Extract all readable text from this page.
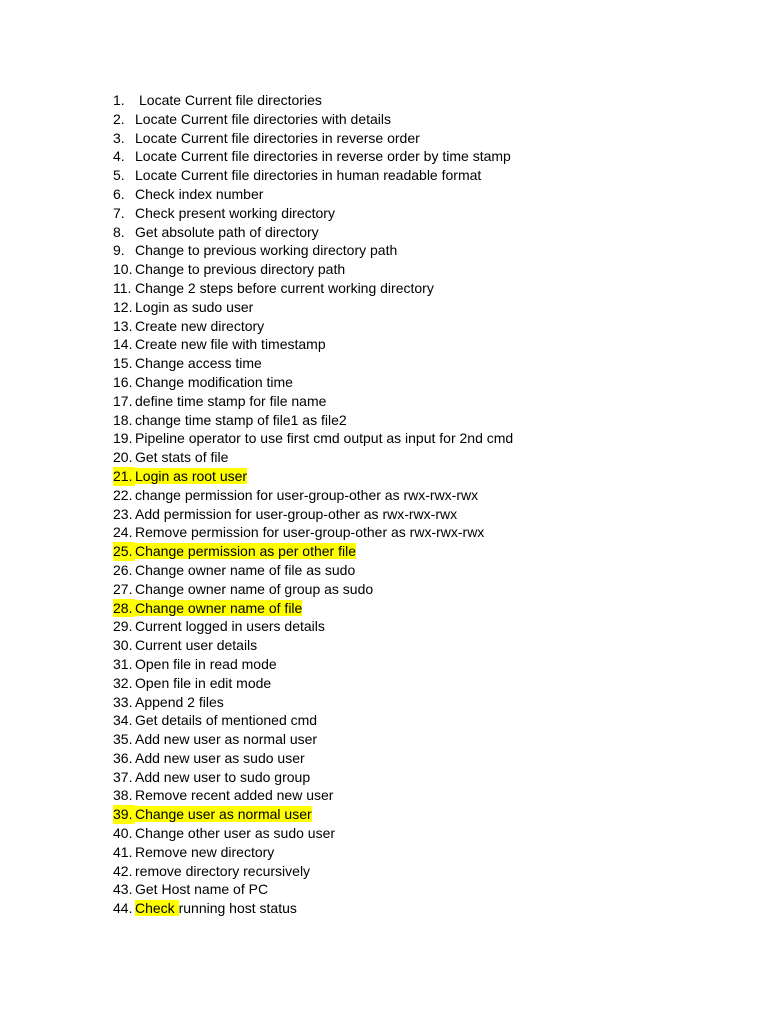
1. Locate Current file directories
2. Locate Current file directories with details
3. Locate Current file directories in reverse order
4. Locate Current file directories in reverse order by time stamp
5. Locate Current file directories in human readable format
6. Check index number
7. Check present working directory
8. Get absolute path of directory
9. Change to previous working directory path
10. Change to previous directory path
11. Change 2 steps before current working directory
12. Login as sudo user
13. Create new directory
14. Create new file with timestamp
15. Change access time
16. Change modification time
17. define time stamp for file name
18. change time stamp of file1 as file2
19. Pipeline operator to use first cmd output as input for 2nd cmd
20. Get stats of file
21. Login as root user
22. change permission for user-group-other as rwx-rwx-rwx
23. Add permission for user-group-other as rwx-rwx-rwx
24. Remove permission for user-group-other as rwx-rwx-rwx
25. Change permission as per other file
26. Change owner name of file as sudo
27. Change owner name of group as sudo
28. Change owner name of file
29. Current logged in users details
30. Current user details
31. Open file in read mode
32. Open file in edit mode
33. Append 2 files
34. Get details of mentioned cmd
35. Add new user as normal user
36. Add new user as sudo user
37. Add new user to sudo group
38. Remove recent added new user
39. Change user as normal user
40. Change other user as sudo user
41. Remove new directory
42. remove directory recursively
43. Get Host name of PC
44. Check running host status
